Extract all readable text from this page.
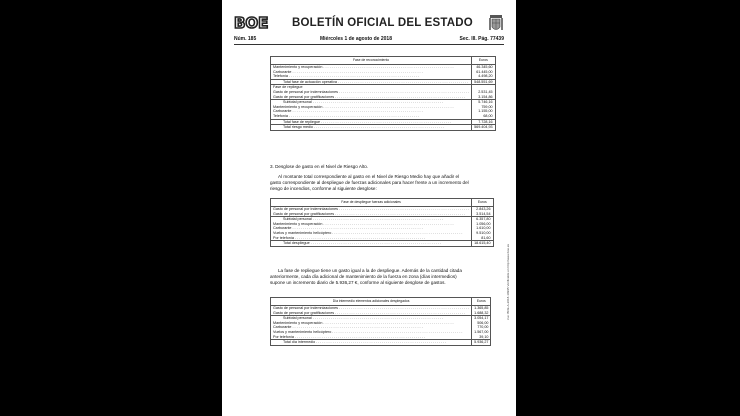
BOE BOLETÍN OFICIAL DEL ESTADO
Núm. 185	Miércoles 1 de agosto de 2018	Sec. III. Pág. 77439
Fase de reconocimiento	Euros
Mantenimiento y recuperación . . .	46.345,60
Carburante . . .	61.445,00
Telefonía . . .	4.498,20
Total fase de actuación operativa . . .	548.551,69
Fase de repliegue	
Gasto de personal por indemnizaciones . . .	2.531,45
Gasto de personal por gratificaciones . . .	3.154,86
Subtotal personal . . .	5.746,16
Mantenimiento y recuperación . . .	759,00
Carburante . . .	1.155,00
Telefonía . . .	68,00
Total fase de repliegue . . .	7.728,16
Total riesgo medio . . .	569.404,93
3. Desglose de gasto en el Nivel de Riesgo Alto.
Al montante total correspondiente al gasto en el Nivel de Riesgo Medio hay que añadir el gasto correspondiente al despliegue de fuerzas adicionales para hacer frente a un incremento del riesgo de incendios, conforme al siguiente desglose:
Fase de despliegue fuerzas adicionales	Euros
Gasto de personal por indemnizaciones . . .	2.843,26
Gasto de personal por gratificaciones . . .	3.514,54
Subtotal personal . . .	6.357,80
Mantenimiento y recuperación . . .	1.056,00
Carburante . . .	1.610,00
Vuelos y mantenimiento helicóptero . . .	9.510,00
Por telefonía . . .	81,60
Total despliegue . . .	18.615,40
La fase de repliegue tiene un gasto igual a la de despliegue. Además de la cantidad citada anteriormente, cada día adicional de mantenimiento de la fuerza en zona (días intermedios) supone un incremento diario de 5.936,27 €, conforme al siguiente desglose de gastos.
Día intermedio elementos adicionales desplegados	Euros
Gasto de personal por indemnizaciones . . .	1.365,85
Gasto de personal por gratificaciones . . .	1.688,32
Subtotal personal . . .	3.054,17
Mantenimiento y recuperación . . .	506,00
Carburante . . .	770,00
Vuelos y mantenimiento helicóptero . . .	1.567,00
Por telefonía . . .	39,10
Total día intermedio . . .	5.936,27
cve: BOE-A-2018-10995 Verificable en http://www.boe.es
